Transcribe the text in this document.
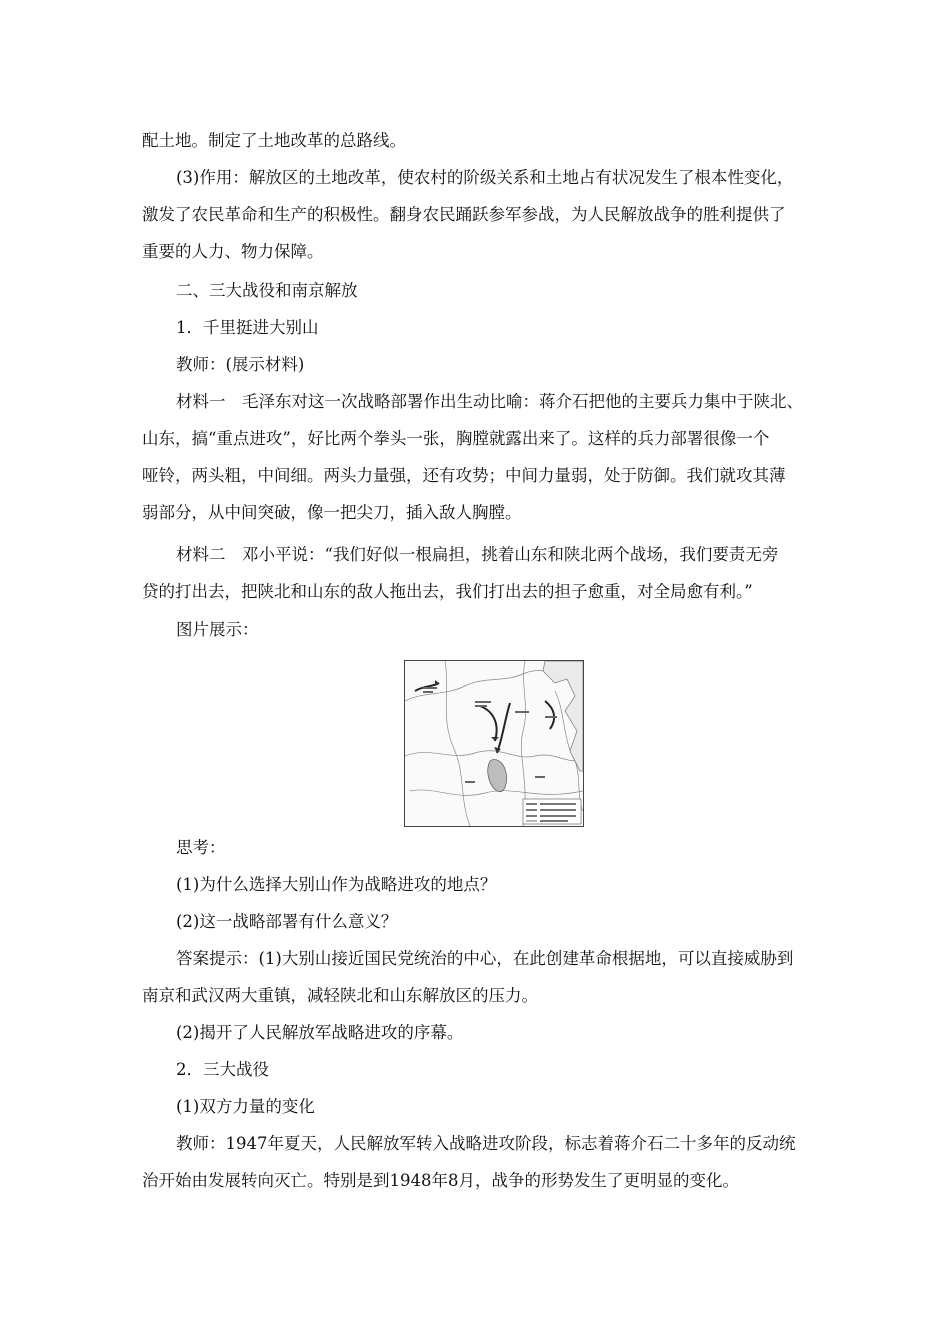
配土地。制定了土地改革的总路线。
(3)作用：解放区的土地改革，使农村的阶级关系和土地占有状况发生了根本性变化，
激发了农民革命和生产的积极性。翻身农民踊跃参军参战，为人民解放战争的胜利提供了
重要的人力、物力保障。
二、三大战役和南京解放
1．千里挺进大别山
教师：(展示材料)
材料一　毛泽东对这一次战略部署作出生动比喻：蒋介石把他的主要兵力集中于陕北、
山东，搞“重点进攻”，好比两个拳头一张，胸膛就露出来了。这样的兵力部署很像一个
哑铃，两头粗，中间细。两头力量强，还有攻势；中间力量弱，处于防御。我们就攻其薄
弱部分，从中间突破，像一把尖刀，插入敌人胸膛。
材料二　邓小平说：“我们好似一根扁担，挑着山东和陕北两个战场，我们要责无旁
贷的打出去，把陕北和山东的敌人拖出去，我们打出去的担子愈重，对全局愈有利。”
图片展示：
思考：
(1)为什么选择大别山作为战略进攻的地点？
(2)这一战略部署有什么意义？
答案提示：(1)大别山接近国民党统治的中心，在此创建革命根据地，可以直接威胁到
南京和武汉两大重镇，减轻陕北和山东解放区的压力。
(2)揭开了人民解放军战略进攻的序幕。
2．三大战役
(1)双方力量的变化
教师：1947年夏天，人民解放军转入战略进攻阶段，标志着蒋介石二十多年的反动统
治开始由发展转向灭亡。特别是到1948年8月，战争的形势发生了更明显的变化。
